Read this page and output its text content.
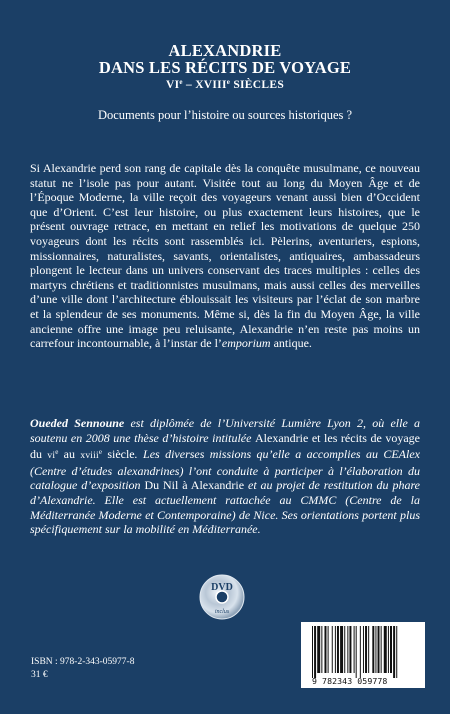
ALEXANDRIE
DANS LES RÉCITS DE VOYAGE
VIe – XVIIIe SIÈCLES
Documents pour l’histoire ou sources historiques ?

Si Alexandrie perd son rang de capitale dès la conquête musulmane, ce nouveau statut ne l’isole pas pour autant. Visitée tout au long du Moyen Âge et de l’Époque Moderne, la ville reçoit des voyageurs venant aussi bien d’Occident que d’Orient. C’est leur histoire, ou plus exactement leurs histoires, que le présent ouvrage retrace, en mettant en relief les motivations de quelque 250 voyageurs dont les récits sont rassemblés ici. Pèlerins, aventuriers, espions, missionnaires, naturalistes, savants, orientalistes, antiquaires, ambassadeurs plongent le lecteur dans un univers conservant des traces multiples : celles des martyrs chrétiens et traditionnistes musulmans, mais aussi celles des merveilles d’une ville dont l’architecture éblouissait les visiteurs par l’éclat de son marbre et la splendeur de ses monuments. Même si, dès la fin du Moyen Âge, la ville ancienne offre une image peu reluisante, Alexandrie n’en reste pas moins un carrefour incontournable, à l’instar de l’emporium antique.

Oueded Sennoune est diplômée de l’Université Lumière Lyon 2, où elle a soutenu en 2008 une thèse d’histoire intitulée Alexandrie et les récits de voyage du $vi^e$ au xviii$^e$ siècle. Les diverses missions qu’elle a accomplies au CEAlex (Centre d’études alexandrines) l’ont conduite à participer à l’élaboration du catalogue d’exposition Du Nil à Alexandrie et au projet de restitution du phare d’Alexandrie. Elle est actuellement rattachée au CMMC (Centre de la Méditerranée Moderne et Contemporaine) de Nice. Ses orientations portent plus spécifiquement sur la mobilité en Méditerranée.

DVD
inclus
ISBN : 978-2-343-05977-8
31 €
9 782343 059778
